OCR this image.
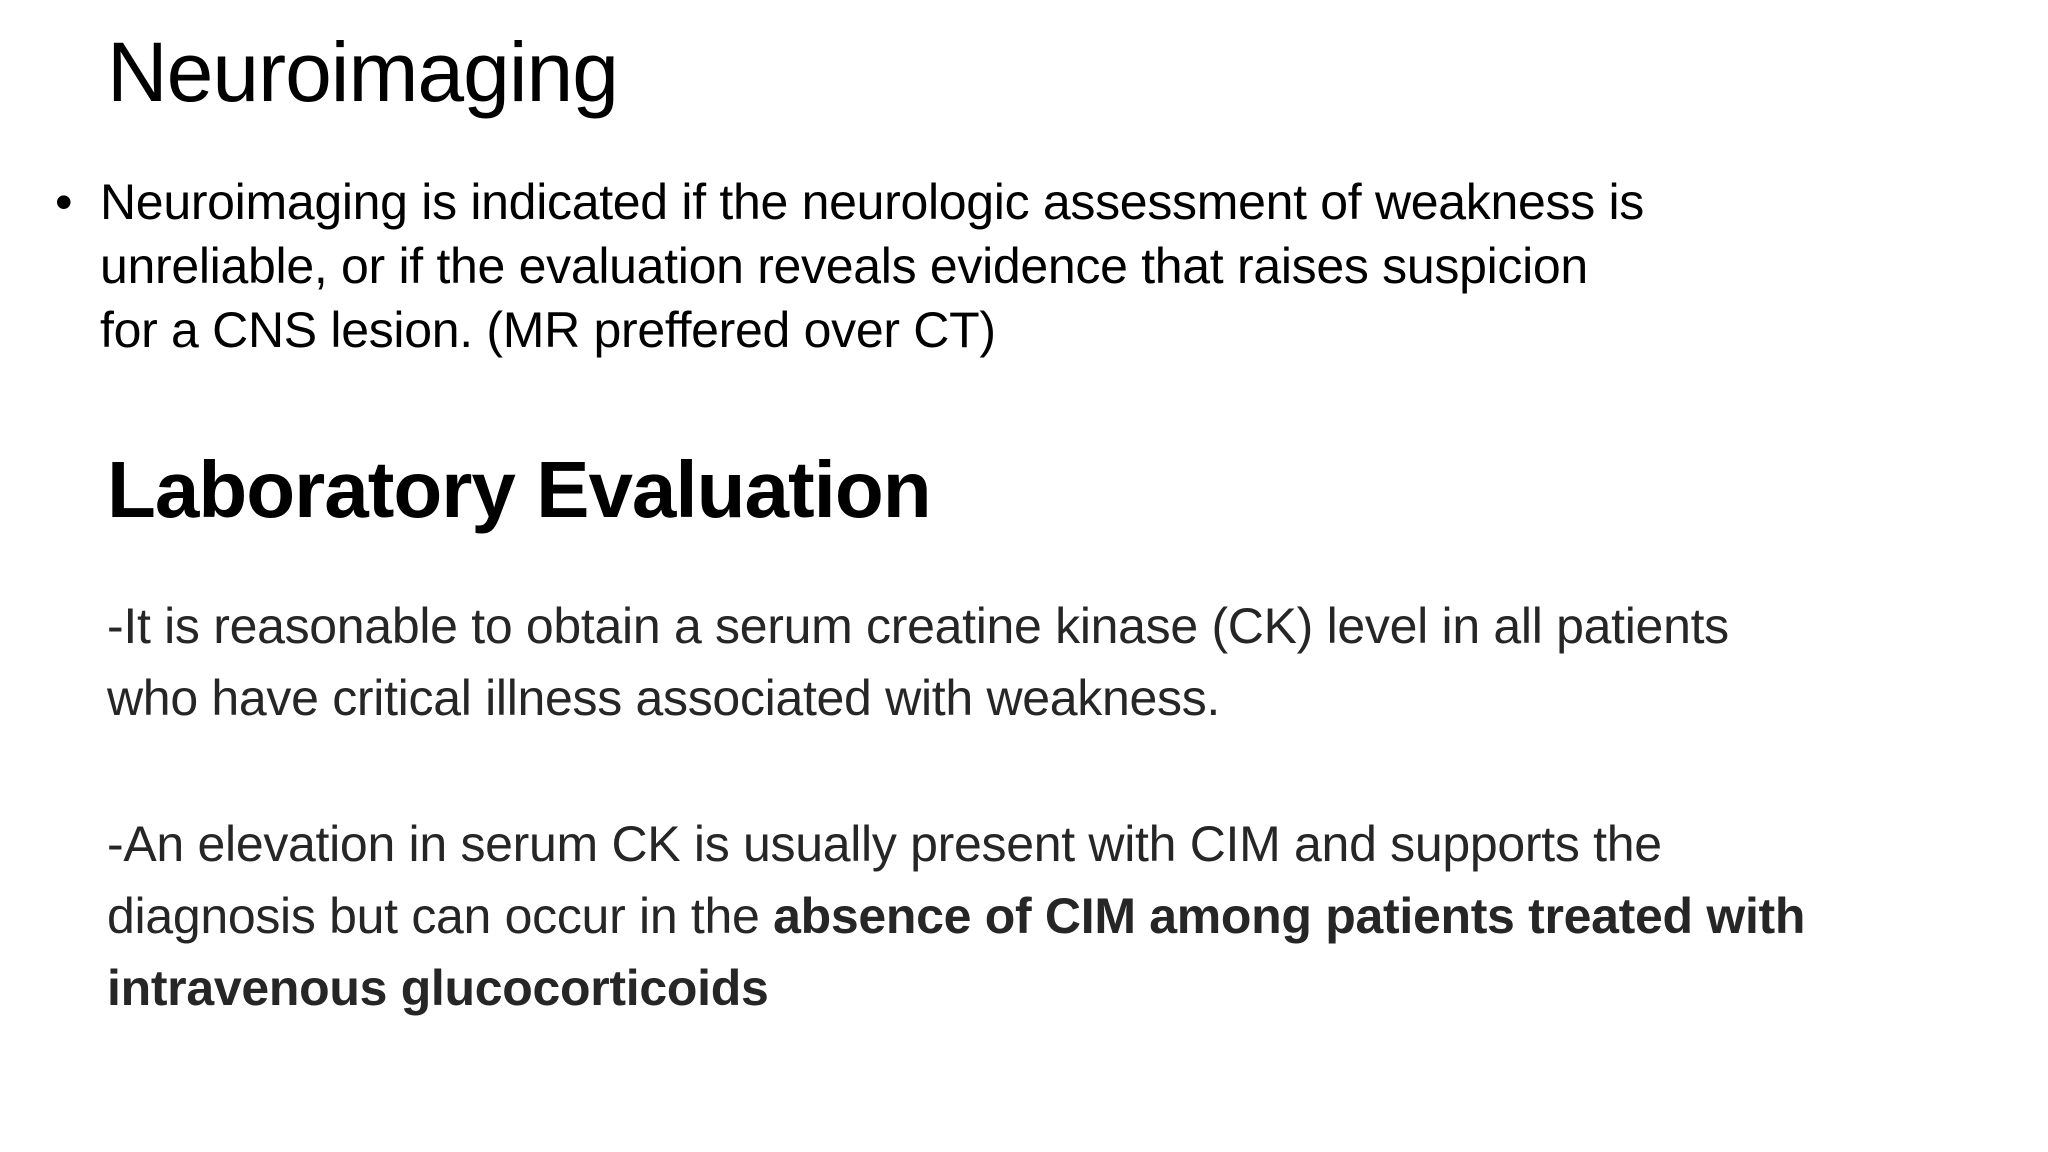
Neuroimaging
• Neuroimaging is indicated if the neurologic assessment of weakness is
unreliable, or if the evaluation reveals evidence that raises suspicion
for a CNS lesion. (MR preffered over CT)

Laboratory Evaluation

-It is reasonable to obtain a serum creatine kinase (CK) level in all patients
who have critical illness associated with weakness.

-An elevation in serum CK is usually present with CIM and supports the
diagnosis but can occur in the absence of CIM among patients treated with
intravenous glucocorticoids
